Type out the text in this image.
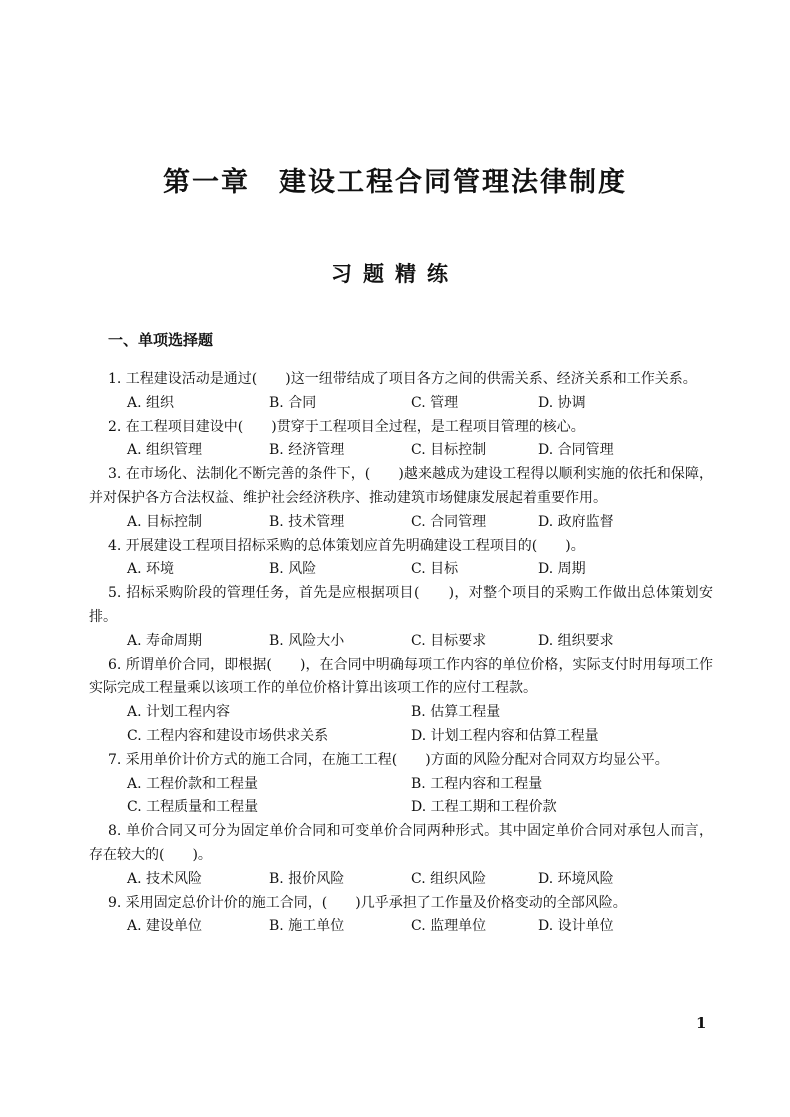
第一章　建设工程合同管理法律制度
习题精练
一、单项选择题

1. 工程建设活动是通过(　　)这一纽带结成了项目各方之间的供需关系、经济关系和工作关系。

A. 组织	B. 合同	C. 管理	D. 协调

2. 在工程项目建设中(　　)贯穿于工程项目全过程，是工程项目管理的核心。

A. 组织管理	B. 经济管理	C. 目标控制	D. 合同管理

3. 在市场化、法制化不断完善的条件下，(　　)越来越成为建设工程得以顺利实施的依托和保障，并对保护各方合法权益、维护社会经济秩序、推动建筑市场健康发展起着重要作用。

A. 目标控制	B. 技术管理	C. 合同管理	D. 政府监督

4. 开展建设工程项目招标采购的总体策划应首先明确建设工程项目的(　　)。

A. 环境	B. 风险	C. 目标	D. 周期

5. 招标采购阶段的管理任务，首先是应根据项目(　　)，对整个项目的采购工作做出总体策划安排。

A. 寿命周期	B. 风险大小	C. 目标要求	D. 组织要求

6. 所谓单价合同，即根据(　　)，在合同中明确每项工作内容的单位价格，实际支付时用每项工作实际完成工程量乘以该项工作的单位价格计算出该项工作的应付工程款。

A. 计划工程内容	B. 估算工程量
C. 工程内容和建设市场供求关系	D. 计划工程内容和估算工程量

7. 采用单价计价方式的施工合同，在施工工程(　　)方面的风险分配对合同双方均显公平。

A. 工程价款和工程量	B. 工程内容和工程量
C. 工程质量和工程量	D. 工程工期和工程价款

8. 单价合同又可分为固定单价合同和可变单价合同两种形式。其中固定单价合同对承包人而言，存在较大的(　　)。

A. 技术风险	B. 报价风险	C. 组织风险	D. 环境风险

9. 采用固定总价计价的施工合同，(　　)几乎承担了工作量及价格变动的全部风险。

A. 建设单位	B. 施工单位	C. 监理单位	D. 设计单位
1
